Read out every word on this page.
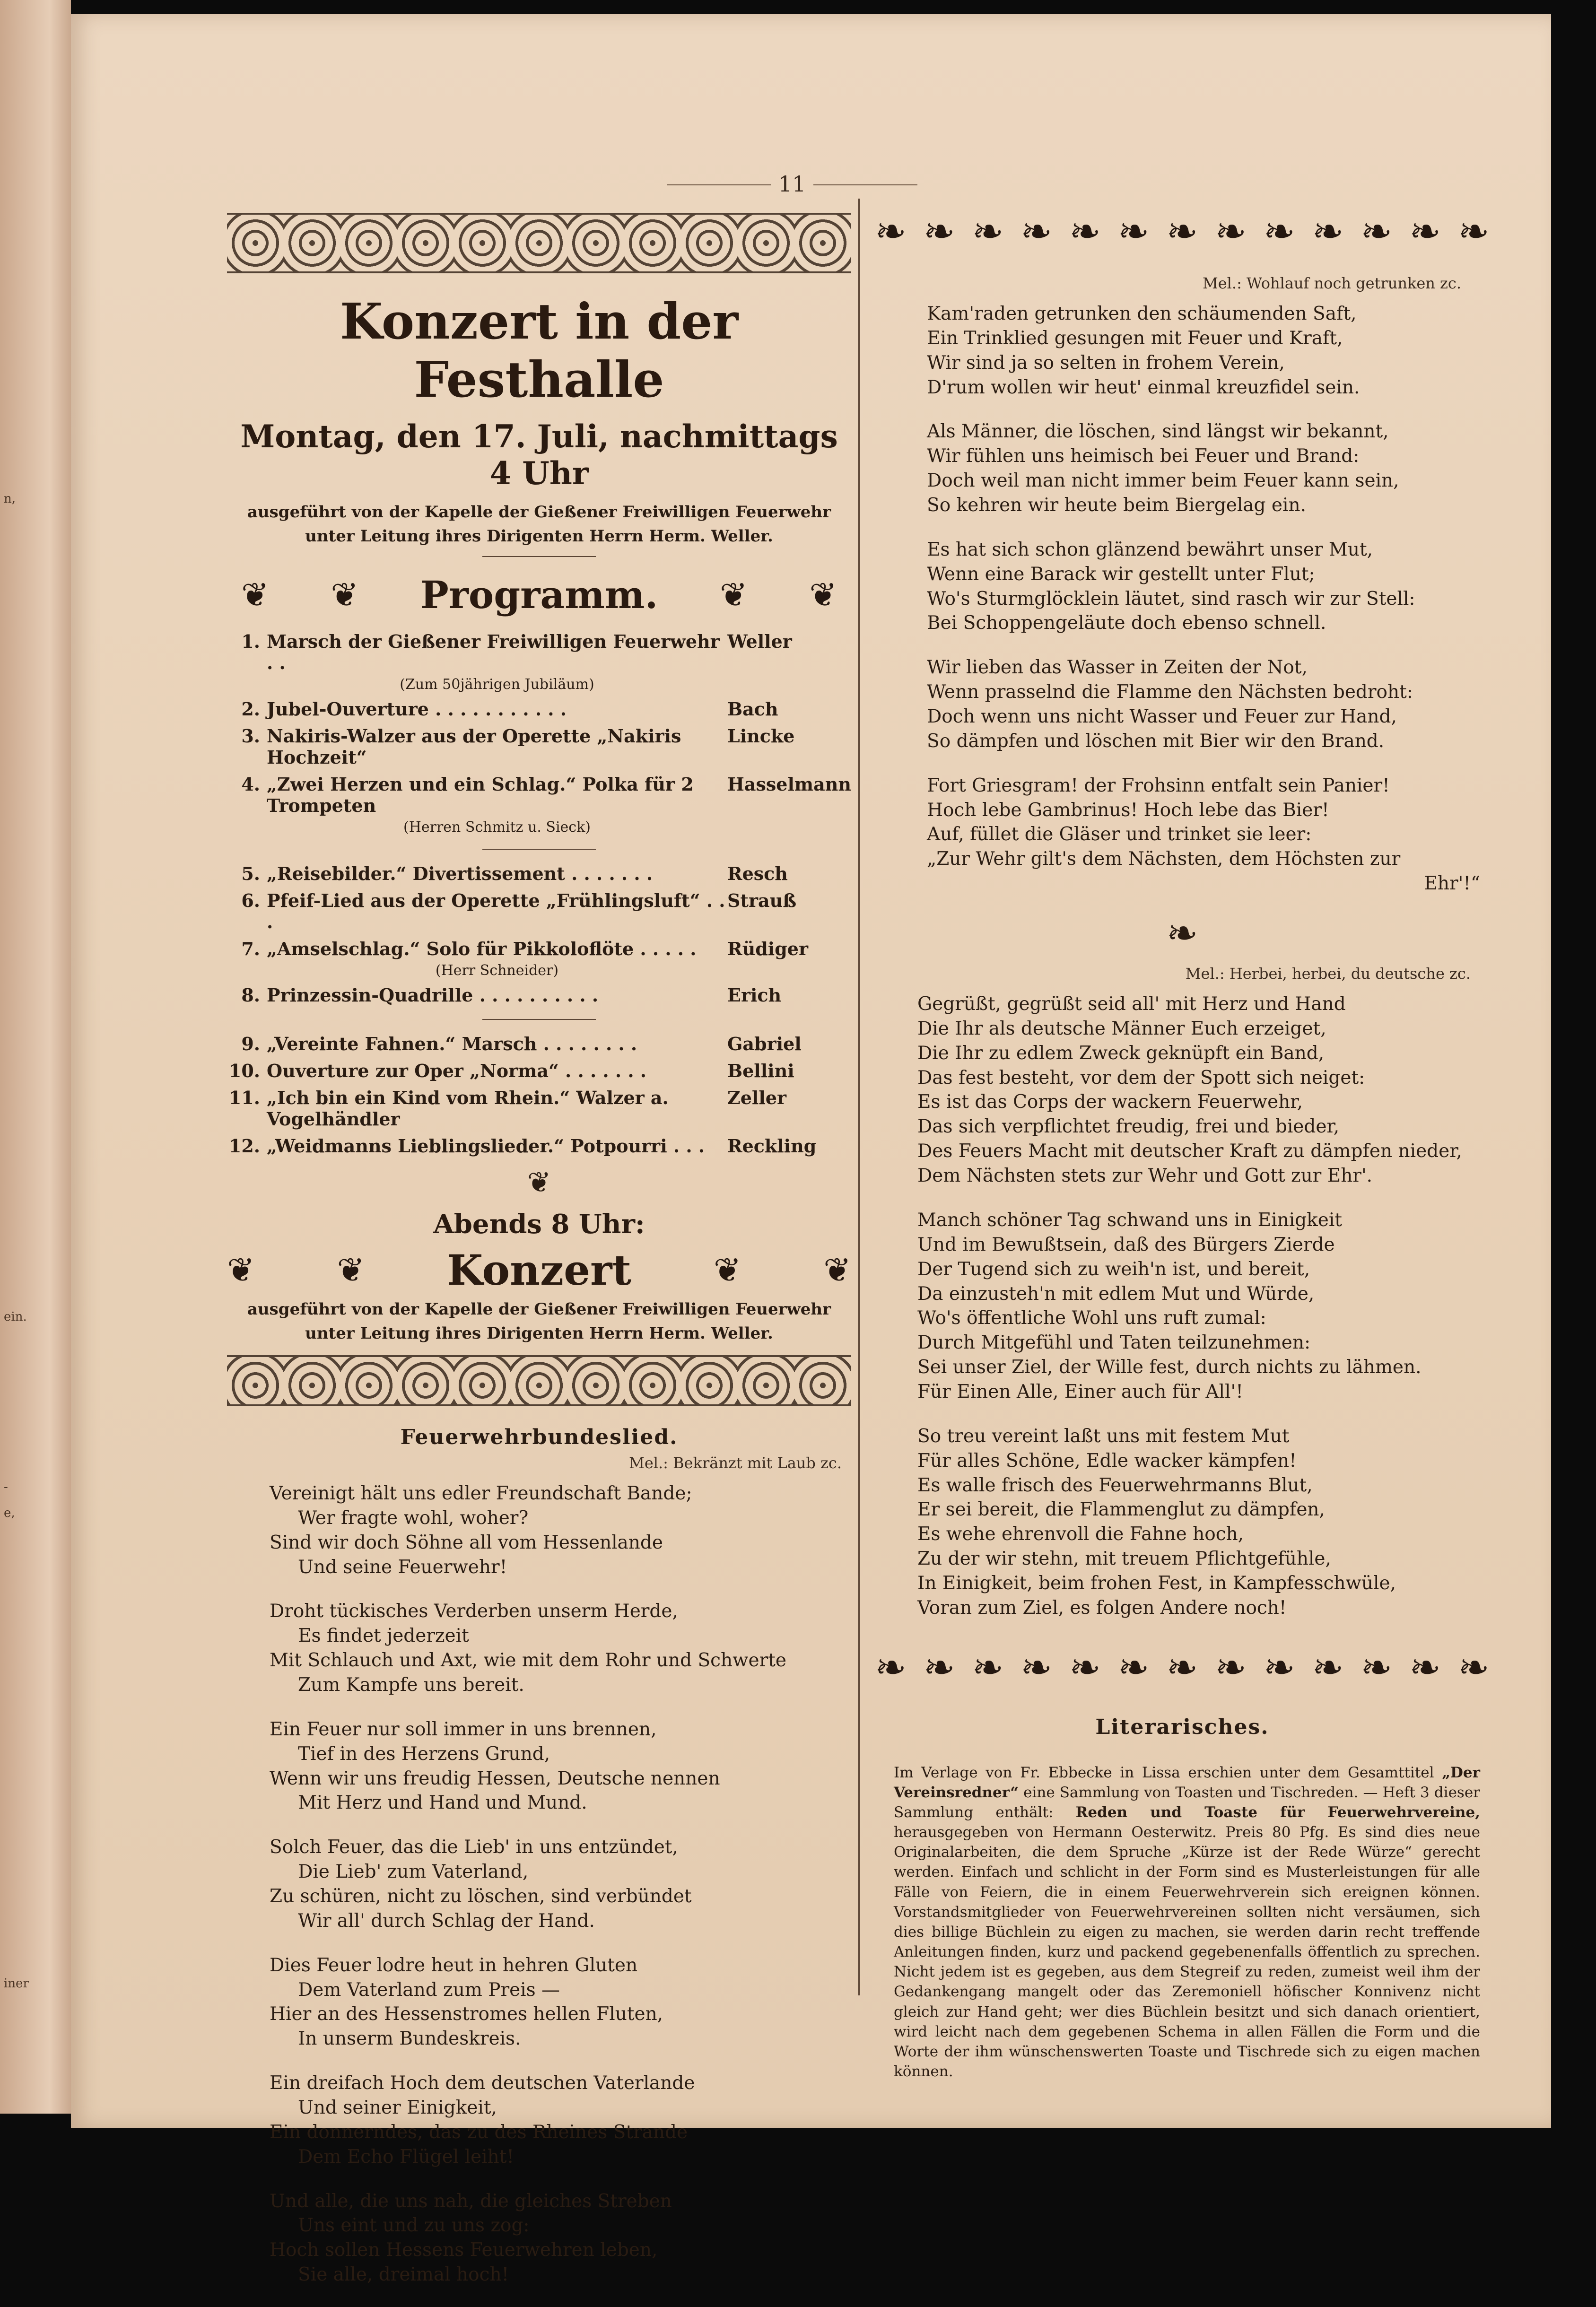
n,
ein.
-
e,
iner
11
Konzert in der Festhalle
Montag, den 17. Juli, nachmittags 4 Uhr
ausgeführt von der Kapelle der Gießener Freiwilligen Feuerwehr unter Leitung ihres Dirigenten Herrn Herm. Weller.
❦ ❦ Programm. ❦ ❦
1.	Marsch der Gießener Freiwilligen Feuerwehr . .	Weller

	(Zum 50jährigen Jubiläum)	

2.	Jubel-Ouverture . . . . . . . . . . .	Bach
3.	Nakiris-Walzer aus der Operette „Nakiris Hochzeit“	Lincke
4.	„Zwei Herzen und ein Schlag.“ Polka für 2 Trompeten	Hasselmann

	(Herren Schmitz u. Sieck)	

5.	„Reisebilder.“ Divertissement . . . . . . .	Resch
6.	Pfeif-Lied aus der Operette „Frühlingsluft“ . . .	Strauß
7.	„Amselschlag.“ Solo für Pikkoloflöte . . . . .	Rüdiger

	(Herr Schneider)	

8.	Prinzessin-Quadrille . . . . . . . . . .	Erich

9.	„Vereinte Fahnen.“ Marsch . . . . . . . .	Gabriel
10.	Ouverture zur Oper „Norma“ . . . . . . .	Bellini
11.	„Ich bin ein Kind vom Rhein.“ Walzer a. Vogelhändler	Zeller
12.	„Weidmanns Lieblingslieder.“ Potpourri . . .	Reckling
❦
Abends 8 Uhr:
❦ ❦ Konzert ❦ ❦
ausgeführt von der Kapelle der Gießener Freiwilligen Feuerwehr unter Leitung ihres Dirigenten Herrn Herm. Weller.
Feuerwehrbundeslied.
Mel.: Bekränzt mit Laub zc.

Vereinigt hält uns edler Freundschaft Bande;
Wer fragte wohl, woher?
Sind wir doch Söhne all vom Hessenlande
Und seine Feuerwehr!

Droht tückisches Verderben unserm Herde,
Es findet jederzeit
Mit Schlauch und Axt, wie mit dem Rohr und Schwerte
Zum Kampfe uns bereit.

Ein Feuer nur soll immer in uns brennen,
Tief in des Herzens Grund,
Wenn wir uns freudig Hessen, Deutsche nennen
Mit Herz und Hand und Mund.

Solch Feuer, das die Lieb' in uns entzündet,
Die Lieb' zum Vaterland,
Zu schüren, nicht zu löschen, sind verbündet
Wir all' durch Schlag der Hand.

Dies Feuer lodre heut in hehren Gluten
Dem Vaterland zum Preis —
Hier an des Hessenstromes hellen Fluten,
In unserm Bundeskreis.

Ein dreifach Hoch dem deutschen Vaterlande
Und seiner Einigkeit,
Ein donnerndes, das zu des Rheines Strande
Dem Echo Flügel leiht!

Und alle, die uns nah, die gleiches Streben
Uns eint und zu uns zog:
Hoch sollen Hessens Feuerwehren leben,
Sie alle, dreimal hoch!

❧ ❧ ❧ ❧ ❧ ❧ ❧ ❧ ❧ ❧ ❧ ❧ ❧
Mel.: Wohlauf noch getrunken zc.

Kam'raden getrunken den schäumenden Saft,
Ein Trinklied gesungen mit Feuer und Kraft,
Wir sind ja so selten in frohem Verein,
D'rum wollen wir heut' einmal kreuzfidel sein.

Als Männer, die löschen, sind längst wir bekannt,
Wir fühlen uns heimisch bei Feuer und Brand:
Doch weil man nicht immer beim Feuer kann sein,
So kehren wir heute beim Biergelag ein.

Es hat sich schon glänzend bewährt unser Mut,
Wenn eine Barack wir gestellt unter Flut;
Wo's Sturmglöcklein läutet, sind rasch wir zur Stell:
Bei Schoppengeläute doch ebenso schnell.

Wir lieben das Wasser in Zeiten der Not,
Wenn prasselnd die Flamme den Nächsten bedroht:
Doch wenn uns nicht Wasser und Feuer zur Hand,
So dämpfen und löschen mit Bier wir den Brand.

Fort Griesgram! der Frohsinn entfalt sein Panier!
Hoch lebe Gambrinus! Hoch lebe das Bier!
Auf, füllet die Gläser und trinket sie leer:
„Zur Wehr gilt's dem Nächsten, dem Höchsten zur
Ehr'!“

❧
Mel.: Herbei, herbei, du deutsche zc.

Gegrüßt, gegrüßt seid all' mit Herz und Hand
Die Ihr als deutsche Männer Euch erzeiget,
Die Ihr zu edlem Zweck geknüpft ein Band,
Das fest besteht, vor dem der Spott sich neiget:
Es ist das Corps der wackern Feuerwehr,
Das sich verpflichtet freudig, frei und bieder,
Des Feuers Macht mit deutscher Kraft zu dämpfen nieder,
Dem Nächsten stets zur Wehr und Gott zur Ehr'.

Manch schöner Tag schwand uns in Einigkeit
Und im Bewußtsein, daß des Bürgers Zierde
Der Tugend sich zu weih'n ist, und bereit,
Da einzusteh'n mit edlem Mut und Würde,
Wo's öffentliche Wohl uns ruft zumal:
Durch Mitgefühl und Taten teilzunehmen:
Sei unser Ziel, der Wille fest, durch nichts zu lähmen.
Für Einen Alle, Einer auch für All'!

So treu vereint laßt uns mit festem Mut
Für alles Schöne, Edle wacker kämpfen!
Es walle frisch des Feuerwehrmanns Blut,
Er sei bereit, die Flammenglut zu dämpfen,
Es wehe ehrenvoll die Fahne hoch,
Zu der wir stehn, mit treuem Pflichtgefühle,
In Einigkeit, beim frohen Fest, in Kampfesschwüle,
Voran zum Ziel, es folgen Andere noch!

❧ ❧ ❧ ❧ ❧ ❧ ❧ ❧ ❧ ❧ ❧ ❧ ❧
Literarisches.
Im Verlage von Fr. Ebbecke in Lissa erschien unter dem Gesamttitel „Der Vereinsredner“ eine Sammlung von Toasten und Tischreden. — Heft 3 dieser Sammlung enthält: Reden und Toaste für Feuerwehrvereine, herausgegeben von Hermann Oesterwitz. Preis 80 Pfg. Es sind dies neue Originalarbeiten, die dem Spruche „Kürze ist der Rede Würze“ gerecht werden. Einfach und schlicht in der Form sind es Musterleistungen für alle Fälle von Feiern, die in einem Feuerwehrverein sich ereignen können. Vorstandsmitglieder von Feuerwehrvereinen sollten nicht versäumen, sich dies billige Büchlein zu eigen zu machen, sie werden darin recht treffende Anleitungen finden, kurz und packend gegebenenfalls öffentlich zu sprechen. Nicht jedem ist es gegeben, aus dem Stegreif zu reden, zumeist weil ihm der Gedankengang mangelt oder das Zeremoniell höfischer Konnivenz nicht gleich zur Hand geht; wer dies Büchlein besitzt und sich danach orientiert, wird leicht nach dem gegebenen Schema in allen Fällen die Form und die Worte der ihm wünschenswerten Toaste und Tischrede sich zu eigen machen können.
